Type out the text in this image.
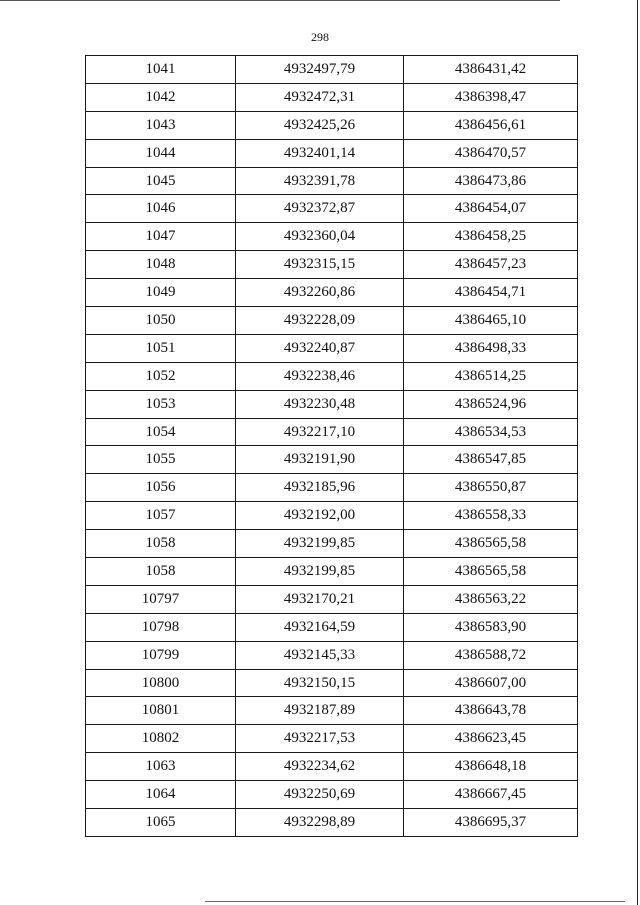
298
1041	4932497,79	4386431,42
1042	4932472,31	4386398,47
1043	4932425,26	4386456,61
1044	4932401,14	4386470,57
1045	4932391,78	4386473,86
1046	4932372,87	4386454,07
1047	4932360,04	4386458,25
1048	4932315,15	4386457,23
1049	4932260,86	4386454,71
1050	4932228,09	4386465,10
1051	4932240,87	4386498,33
1052	4932238,46	4386514,25
1053	4932230,48	4386524,96
1054	4932217,10	4386534,53
1055	4932191,90	4386547,85
1056	4932185,96	4386550,87
1057	4932192,00	4386558,33
1058	4932199,85	4386565,58
1058	4932199,85	4386565,58
10797	4932170,21	4386563,22
10798	4932164,59	4386583,90
10799	4932145,33	4386588,72
10800	4932150,15	4386607,00
10801	4932187,89	4386643,78
10802	4932217,53	4386623,45
1063	4932234,62	4386648,18
1064	4932250,69	4386667,45
1065	4932298,89	4386695,37
